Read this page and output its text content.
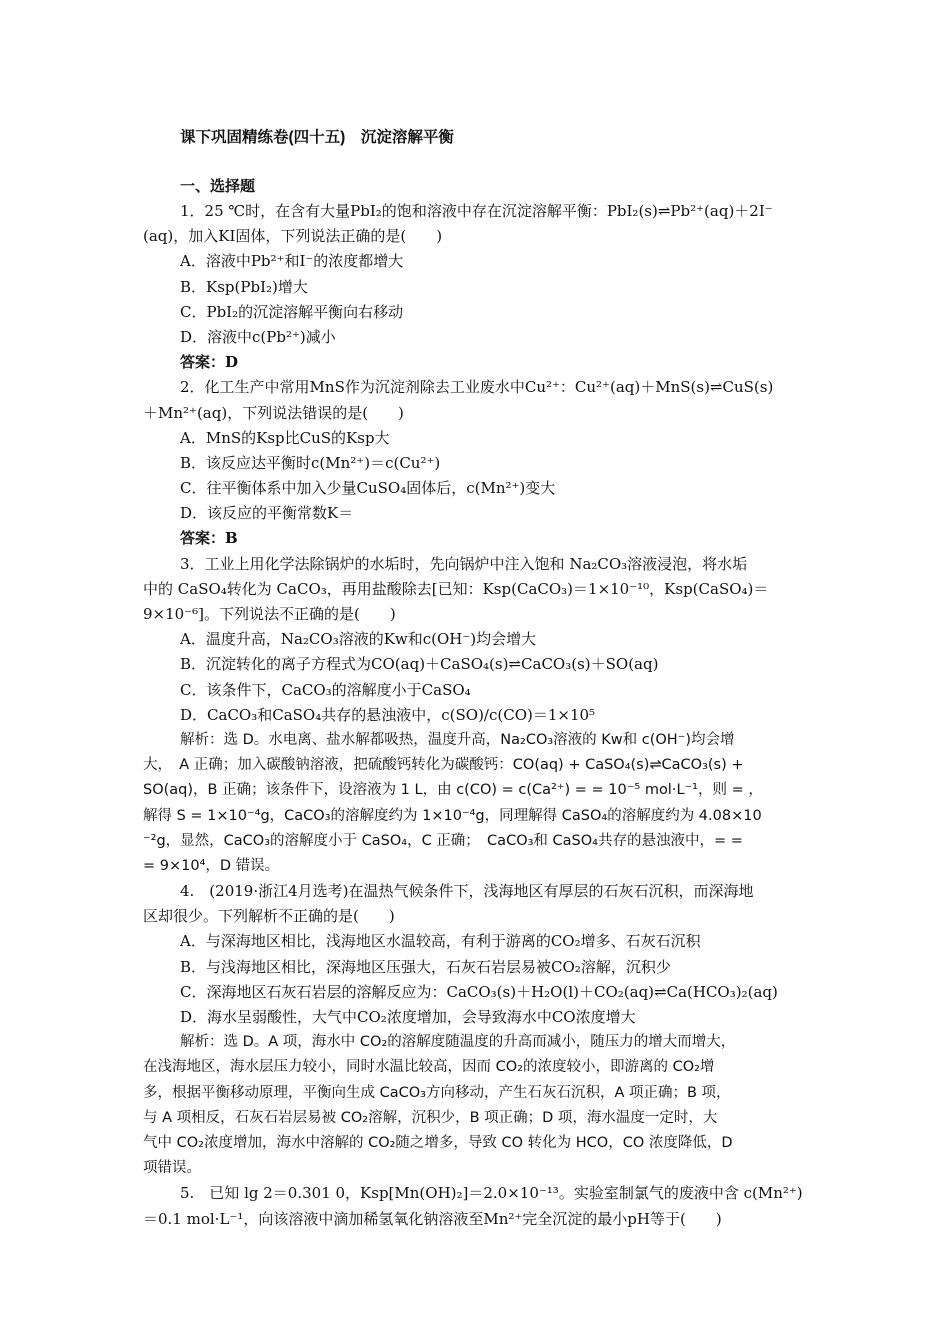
课下巩固精练卷(四十五)　沉淀溶解平衡
一、选择题
1．25 ℃时，在含有大量PbI₂的饱和溶液中存在沉淀溶解平衡：PbI₂(s)⇌Pb²⁺(aq)＋2I⁻
(aq)，加入KI固体，下列说法正确的是(　　)
A．溶液中Pb²⁺和I⁻的浓度都增大
B．Ksp(PbI₂)增大
C．PbI₂的沉淀溶解平衡向右移动
D．溶液中c(Pb²⁺)减小
答案：D
2．化工生产中常用MnS作为沉淀剂除去工业废水中Cu²⁺：Cu²⁺(aq)＋MnS(s)⇌CuS(s)
＋Mn²⁺(aq)，下列说法错误的是(　　)
A．MnS的Ksp比CuS的Ksp大
B．该反应达平衡时c(Mn²⁺)＝c(Cu²⁺)
C．往平衡体系中加入少量CuSO₄固体后，c(Mn²⁺)变大
D．该反应的平衡常数K＝
答案：B
3．工业上用化学法除锅炉的水垢时，先向锅炉中注入饱和 Na₂CO₃溶液浸泡，将水垢
中的 CaSO₄转化为 CaCO₃，再用盐酸除去[已知：Ksp(CaCO₃)＝1×10⁻¹⁰，Ksp(CaSO₄)＝
9×10⁻⁶]。下列说法不正确的是(　　)
A．温度升高，Na₂CO₃溶液的Kw和c(OH⁻)均会增大
B．沉淀转化的离子方程式为CO(aq)＋CaSO₄(s)⇌CaCO₃(s)＋SO(aq)
C．该条件下，CaCO₃的溶解度小于CaSO₄
D．CaCO₃和CaSO₄共存的悬浊液中，c(SO)/c(CO)＝1×10⁵
解析：选 D。水电离、盐水解都吸热，温度升高，Na₂CO₃溶液的 Kw和 c(OH⁻)均会增
大，　A 正确；加入碳酸钠溶液，把硫酸钙转化为碳酸钙：CO(aq) + CaSO₄(s)⇌CaCO₃(s) +
SO(aq)，B 正确；该条件下，设溶液为 1 L，由 c(CO) = c(Ca²⁺) = = 10⁻⁵ mol·L⁻¹，则 = ，
解得 S = 1×10⁻⁴g，CaCO₃的溶解度约为 1×10⁻⁴g，同理解得 CaSO₄的溶解度约为 4.08×10
⁻²g，显然，CaCO₃的溶解度小于 CaSO₄，C 正确；　CaCO₃和 CaSO₄共存的悬浊液中，= =
= 9×10⁴，D 错误。
4.　(2019·浙江4月选考)在温热气候条件下，浅海地区有厚层的石灰石沉积，而深海地
区却很少。下列解析不正确的是(　　)
A．与深海地区相比，浅海地区水温较高，有利于游离的CO₂增多、石灰石沉积
B．与浅海地区相比，深海地区压强大，石灰石岩层易被CO₂溶解，沉积少
C．深海地区石灰石岩层的溶解反应为：CaCO₃(s)＋H₂O(l)＋CO₂(aq)⇌Ca(HCO₃)₂(aq)
D．海水呈弱酸性，大气中CO₂浓度增加，会导致海水中CO浓度增大
解析：选 D。A 项，海水中 CO₂的溶解度随温度的升高而减小，随压力的增大而增大，
在浅海地区，海水层压力较小，同时水温比较高，因而 CO₂的浓度较小，即游离的 CO₂增
多，根据平衡移动原理，平衡向生成 CaCO₃方向移动，产生石灰石沉积，A 项正确；B 项，
与 A 项相反，石灰石岩层易被 CO₂溶解，沉积少，B 项正确；D 项，海水温度一定时，大
气中 CO₂浓度增加，海水中溶解的 CO₂随之增多，导致 CO 转化为 HCO，CO 浓度降低，D
项错误。
5.　已知 lg 2＝0.301 0，Ksp[Mn(OH)₂]＝2.0×10⁻¹³。实验室制氯气的废液中含 c(Mn²⁺)
＝0.1 mol·L⁻¹，向该溶液中滴加稀氢氧化钠溶液至Mn²⁺完全沉淀的最小pH等于(　　)
